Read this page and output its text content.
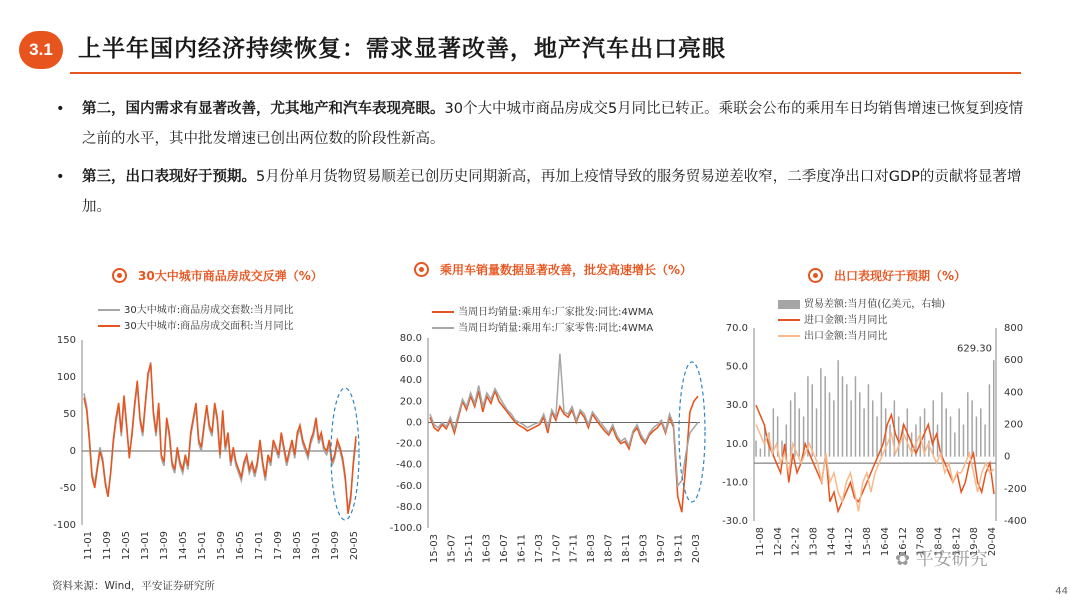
3.1	上半年国内经济持续恢复：需求显著改善，地产汽车出口亮眼
• 第二，国内需求有显著改善，尤其地产和汽车表现亮眼。30个大中城市商品房成交5月同比已转正。乘联会公布的乘用车日均销售增速已恢复到疫情之前的水平，其中批发增速已创出两位数的阶段性新高。
• 第三，出口表现好于预期。5月份单月货物贸易顺差已创历史同期新高，再加上疫情导致的服务贸易逆差收窄，二季度净出口对GDP的贡献将显著增加。
30大中城市商品房成交反弹（%）
30大中城市:商品房成交套数:当月同比
30大中城市:商品房成交面积:当月同比
150
100
50
0
-50
-100
11-01 11-09 12-05 13-01 13-09 14-05 15-01 15-09 16-05 17-01 17-09 18-05 19-01 19-09 20-05
乘用车销量数据显著改善，批发高速增长（%）
当周日均销量:乘用车:厂家批发:同比:4WMA
当周日均销量:乘用车:厂家零售:同比:4WMA
80.0
60.0
40.0
20.0
0.0
-20.0
-40.0
-60.0
-80.0
-100.0
15-03 15-07 15-11 16-03 16-07 16-11 17-03 17-07 17-11 18-03 18-07 18-11 19-03 19-07 19-11 20-03
出口表现好于预期（%）
贸易差额:当月值(亿美元，右轴)
进口金额:当月同比
出口金额:当月同比
70.0
50.0
30.0
10.0
-10.0
-30.0
11-08 12-04 12-12 13-08 14-04 14-12 15-08 16-04 16-12 17-08 18-04 18-12 19-08 20-04
800
600
400
200
0
-200
-400
629.30
资料来源：Wind，平安证券研究所
✿ 平安研究
44
